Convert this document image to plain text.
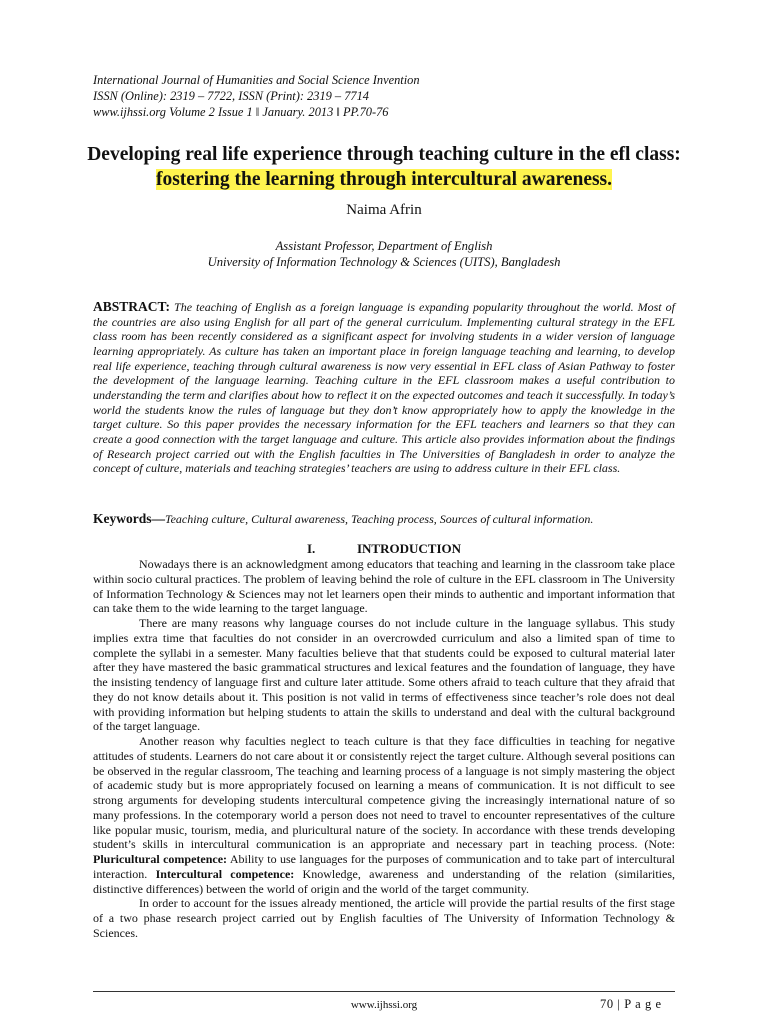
International Journal of Humanities and Social Science Invention
ISSN (Online): 2319 – 7722, ISSN (Print): 2319 – 7714
www.ijhssi.org Volume 2 Issue 1 ǁ January. 2013 ǁ PP.70-76
Developing real life experience through teaching culture in the efl class: fostering the learning through intercultural awareness.
Naima Afrin
Assistant Professor, Department of English
University of Information Technology & Sciences (UITS), Bangladesh
ABSTRACT: The teaching of English as a foreign language is expanding popularity throughout the world. Most of the countries are also using English for all part of the general curriculum. Implementing cultural strategy in the EFL class room has been recently considered as a significant aspect for involving students in a wider version of language learning appropriately. As culture has taken an important place in foreign language teaching and learning, to develop real life experience, teaching through cultural awareness is now very essential in EFL class of Asian Pathway to foster the development of the language learning. Teaching culture in the EFL classroom makes a useful contribution to understanding the term and clarifies about how to reflect it on the expected outcomes and teach it successfully. In today’s world the students know the rules of language but they don’t know appropriately how to apply the knowledge in the target culture. So this paper provides the necessary information for the EFL teachers and learners so that they can create a good connection with the target language and culture. This article also provides information about the findings of Research project carried out with the English faculties in The Universities of Bangladesh in order to analyze the concept of culture, materials and teaching strategies’ teachers are using to address culture in their EFL class.
Keywords—Teaching culture, Cultural awareness, Teaching process, Sources of cultural information.
I.	INTRODUCTION

Nowadays there is an acknowledgment among educators that teaching and learning in the classroom take place within socio cultural practices. The problem of leaving behind the role of culture in the EFL classroom in The University of Information Technology & Sciences may not let learners open their minds to authentic and important information that can take them to the wide learning to the target language.

There are many reasons why language courses do not include culture in the language syllabus. This study implies extra time that faculties do not consider in an overcrowded curriculum and also a limited span of time to complete the syllabi in a semester. Many faculties believe that that students could be exposed to cultural material later after they have mastered the basic grammatical structures and lexical features and the foundation of language, they have the insisting tendency of language first and culture later attitude. Some others afraid to teach culture that they afraid that they do not know details about it. This position is not valid in terms of effectiveness since teacher’s role does not deal with providing information but helping students to attain the skills to understand and deal with the cultural background of the target language.

Another reason why faculties neglect to teach culture is that they face difficulties in teaching for negative attitudes of students. Learners do not care about it or consistently reject the target culture. Although several positions can be observed in the regular classroom, The teaching and learning process of a language is not simply mastering the object of academic study but is more appropriately focused on learning a means of communication. It is not difficult to see strong arguments for developing students intercultural competence giving the increasingly international nature of so many professions. In the cotemporary world a person does not need to travel to encounter representatives of the culture like popular music, tourism, media, and pluricultural nature of the society. In accordance with these trends developing student’s skills in intercultural communication is an appropriate and necessary part in teaching process. (Note: Pluricultural competence: Ability to use languages for the purposes of communication and to take part of intercultural interaction. Intercultural competence: Knowledge, awareness and understanding of the relation (similarities, distinctive differences) between the world of origin and the world of the target community.

In order to account for the issues already mentioned, the article will provide the partial results of the first stage of a two phase research project carried out by English faculties of The University of Information Technology & Sciences.

www.ijhssi.org	70 | P a g e
